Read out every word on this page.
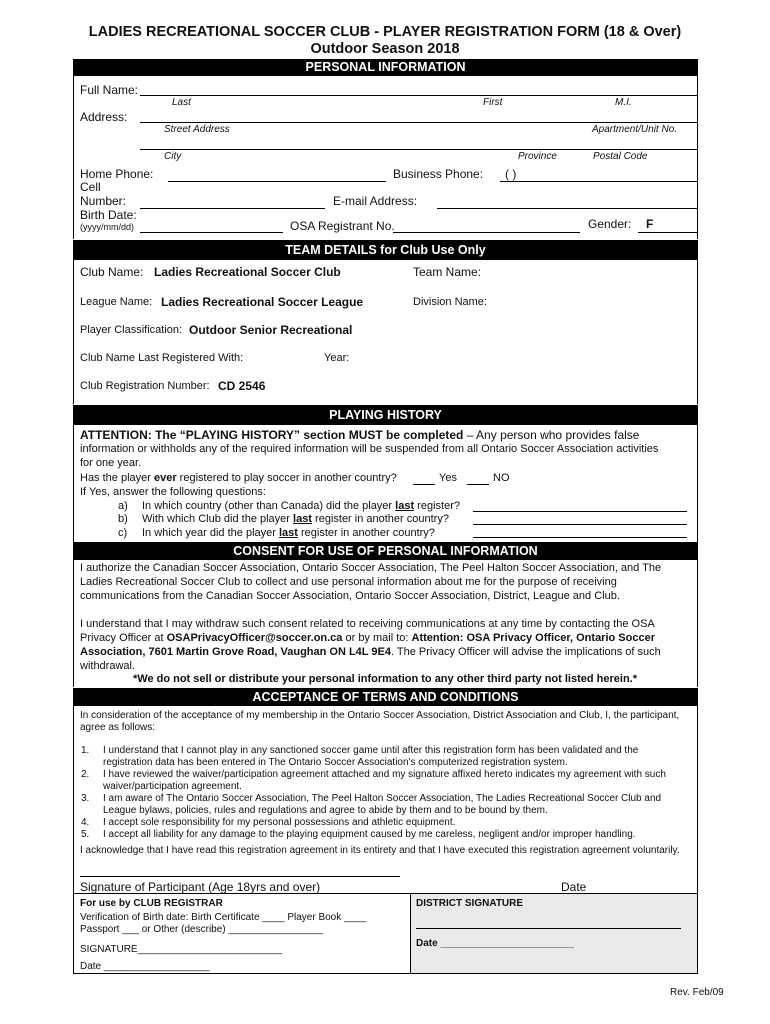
LADIES RECREATIONAL SOCCER CLUB - PLAYER REGISTRATION FORM (18 & Over)
Outdoor Season 2018
PERSONAL INFORMATION
Full Name:
Last	First	M.I.
Address:
Street Address	Apartment/Unit No.
City	Province	Postal Code
Home Phone:	Business Phone: ( )
Cell
Number:	E-mail Address:
Birth Date:
(yyyy/mm/dd)	OSA Registrant No.	Gender: F
TEAM DETAILS for Club Use Only
Club Name: Ladies Recreational Soccer Club	Team Name:
League Name: Ladies Recreational Soccer League	Division Name:
Player Classification: Outdoor Senior Recreational
Club Name Last Registered With:	Year:
Club Registration Number: CD 2546
PLAYING HISTORY
ATTENTION: The “PLAYING HISTORY” section MUST be completed – Any person who provides false
information or withholds any of the required information will be suspended from all Ontario Soccer Association activities
for one year.
Has the player ever registered to play soccer in another country?	Yes	NO
If Yes, answer the following questions:
a) In which country (other than Canada) did the player last register?
b) With which Club did the player last register in another country?
c) In which year did the player last register in another country?
CONSENT FOR USE OF PERSONAL INFORMATION
I authorize the Canadian Soccer Association, Ontario Soccer Association, The Peel Halton Soccer Association, and The
Ladies Recreational Soccer Club to collect and use personal information about me for the purpose of receiving
communications from the Canadian Soccer Association, Ontario Soccer Association, District, League and Club.
I understand that I may withdraw such consent related to receiving communications at any time by contacting the OSA
Privacy Officer at OSAPrivacyOfficer@soccer.on.ca or by mail to: Attention: OSA Privacy Officer, Ontario Soccer
Association, 7601 Martin Grove Road, Vaughan ON L4L 9E4. The Privacy Officer will advise the implications of such
withdrawal.
*We do not sell or distribute your personal information to any other third party not listed herein.*
ACCEPTANCE OF TERMS AND CONDITIONS
In consideration of the acceptance of my membership in the Ontario Soccer Association, District Association and Club, I, the participant,
agree as follows:
1. I understand that I cannot play in any sanctioned soccer game until after this registration form has been validated and the
registration data has been entered in The Ontario Soccer Association's computerized registration system.
2. I have reviewed the waiver/participation agreement attached and my signature affixed hereto indicates my agreement with such
waiver/participation agreement.
3. I am aware of The Ontario Soccer Association, The Peel Halton Soccer Association, The Ladies Recreational Soccer Club and
League bylaws, policies, rules and regulations and agree to abide by them and to be bound by them.
4. I accept sole responsibility for my personal possessions and athletic equipment.
5. I accept all liability for any damage to the playing equipment caused by me careless, negligent and/or improper handling.
I acknowledge that I have read this registration agreement in its entirety and that I have executed this registration agreement voluntarily.
Signature of Participant (Age 18yrs and over)	Date
For use by CLUB REGISTRAR
Verification of Birth date: Birth Certificate ____ Player Book ____
Passport ___ or Other (describe) _________________
SIGNATURE__________________________
Date ___________________
DISTRICT SIGNATURE
Date ________________________
Rev. Feb/09
